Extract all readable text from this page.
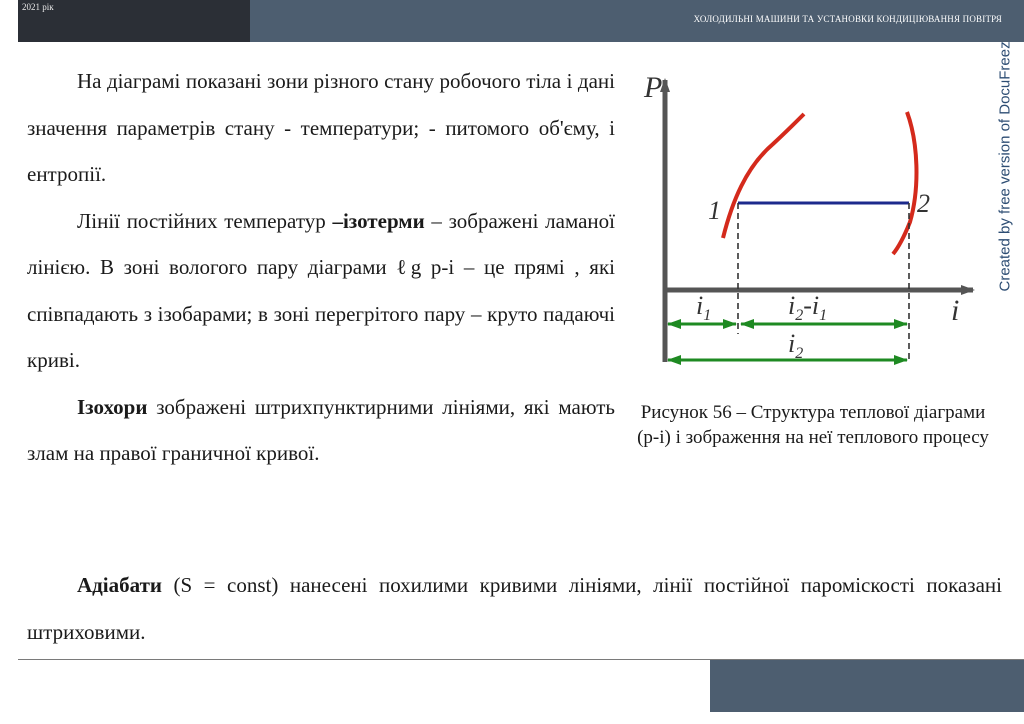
2021 рік
ХОЛОДИЛЬНІ МАШИНИ ТА УСТАНОВКИ КОНДИЦІЮВАННЯ ПОВІТРЯ
Created by free version of DocuFreez

На діаграмі показані зони різного стану робочого тіла і дані значення параметрів стану - температури; - питомого об'єму, і ентропії.

Лінії постійних температур –ізотерми – зображені ламаної лінією. В зоні вологого пару діаграми ℓg р-і – це прямі , які співпадають з ізобарами; в зоні перегрітого пару – круто падаючі криві.

Ізохори зображені штрихпунктирними лініями, які мають злам на правої граничної кривої.

Адіабати (S = const) нанесені похилими кривими лініями, лінії постійної пароміскості показані штриховими.

P
i
1	2
$i_1$	$i_2-i_1$
$i_2$
Рисунок 56 – Структура теплової діаграми (р-і) і зображення на неї теплового процесу
